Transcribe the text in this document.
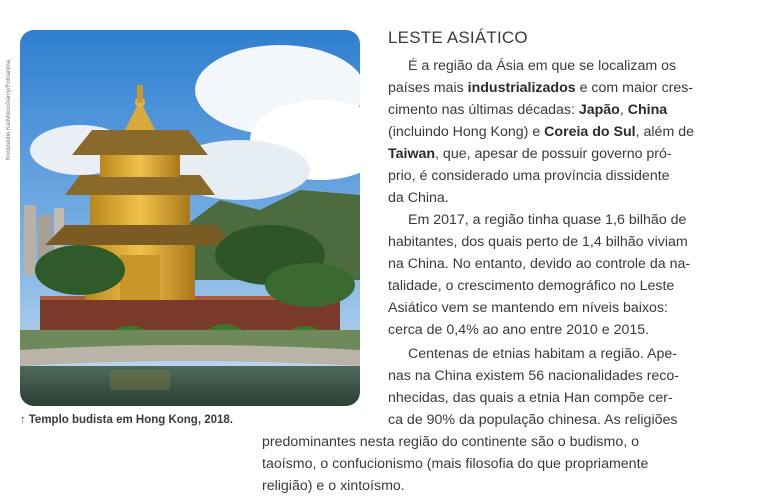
Konstantin Kalishko/Alamy/Fotoarena
↑ Templo budista em Hong Kong, 2018.
LESTE ASIÁTICO
É a região da Ásia em que se localizam os
países mais industrializados e com maior cres-
cimento nas últimas décadas: Japão, China
(incluindo Hong Kong) e Coreia do Sul, além de
Taiwan, que, apesar de possuir governo pró-
prio, é considerado uma província dissidente
da China.
Em 2017, a região tinha quase 1,6 bilhão de
habitantes, dos quais perto de 1,4 bilhão viviam
na China. No entanto, devido ao controle da na-
talidade, o crescimento demográfico no Leste
Asiático vem se mantendo em níveis baixos:
cerca de 0,4% ao ano entre 2010 e 2015.
Centenas de etnias habitam a região. Ape-
nas na China existem 56 nacionalidades reco-
nhecidas, das quais a etnia Han compõe cer-
ca de 90% da população chinesa. As religiões
predominantes nesta região do continente são o budismo, o
taoísmo, o confucionismo (mais filosofia do que propriamente
religião) e o xintoísmo.
